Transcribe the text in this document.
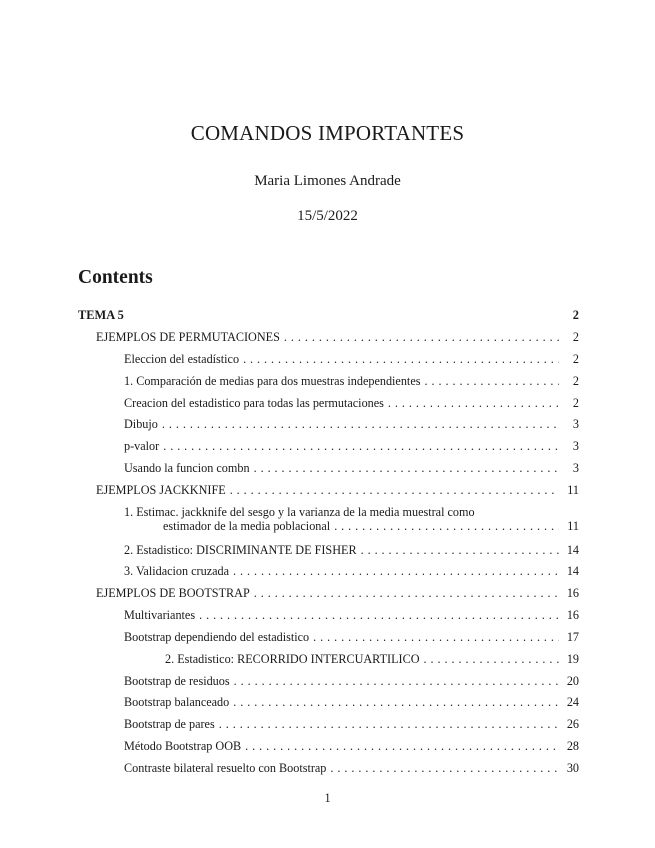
COMANDOS IMPORTANTES
Maria Limones Andrade
15/5/2022
Contents
TEMA 5	2
EJEMPLOS DE PERMUTACIONES . . .	2
Eleccion del estadístico . . .	2
1. Comparación de medias para dos muestras independientes . . .	2
Creacion del estadistico para todas las permutaciones . . .	2
Dibujo . . .	3
p-valor . . .	3
Usando la funcion combn . . .	3
EJEMPLOS JACKKNIFE . . .	11
1. Estimac. jackknife del sesgo y la varianza de la media muestral como
estimador de la media poblacional . . .	11
2. Estadistico: DISCRIMINANTE DE FISHER . . .	14
3. Validacion cruzada . . .	14
EJEMPLOS DE BOOTSTRAP . . .	16
Multivariantes . . .	16
Bootstrap dependiendo del estadistico . . .	17
2. Estadistico: RECORRIDO INTERCUARTILICO . . .	19
Bootstrap de residuos . . .	20
Bootstrap balanceado . . .	24
Bootstrap de pares . . .	26
Método Bootstrap OOB . . .	28
Contraste bilateral resuelto con Bootstrap . . .	30
1
